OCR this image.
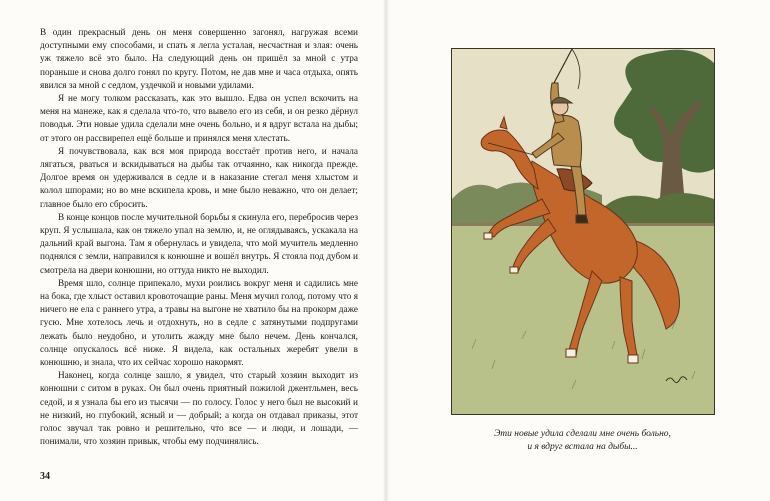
В один прекрасный день он меня совершенно загонял, нагружая всеми доступными ему способами, и спать я легла усталая, несчастная и злая: очень уж тяжело всё это было. На следующий день он пришёл за мной с утра пораньше и снова долго гонял по кругу. Потом, не дав мне и часа отдыха, опять явился за мной с седлом, уздечкой и новыми удилами.

Я не могу толком рассказать, как это вышло. Едва он успел вскочить на меня на манеже, как я сделала что-то, что вывело его из себя, и он резко дёрнул поводья. Эти новые удила сделали мне очень больно, и я вдруг встала на дыбы; от этого он рассвирепел ещё больше и принялся меня хлестать.

Я почувствовала, как вся моя природа восстаёт против него, и начала лягаться, рваться и вскидываться на дыбы так отчаянно, как никогда прежде. Долгое время он удерживался в седле и в наказание стегал меня хлыстом и колол шпорами; но во мне вскипела кровь, и мне было неважно, что он делает; главное было его сбросить.

В конце концов после мучительной борьбы я скинула его, перебросив через круп. Я услышала, как он тяжело упал на землю, и, не оглядываясь, ускакала на дальний край выгона. Там я обернулась и увидела, что мой мучитель медленно поднялся с земли, направился к конюшне и вошёл внутрь. Я стояла под дубом и смотрела на двери конюшни, но оттуда никто не выходил.

Время шло, солнце припекало, мухи роились вокруг меня и садились мне на бока, где хлыст оставил кровоточащие раны. Меня мучил голод, потому что я ничего не ела с раннего утра, а травы на выгоне не хватило бы на прокорм даже гусю. Мне хотелось лечь и отдохнуть, но в седле с затянутыми подпругами лежать было неудобно, и утолить жажду мне было нечем. День кончался, солнце опускалось всё ниже. Я видела, как остальных жеребят увели в конюшню, и знала, что их сейчас хорошо накормят.

Наконец, когда солнце зашло, я увидел, что старый хозяин выходит из конюшни с ситом в руках. Он был очень приятный пожилой джентльмен, весь седой, и я узнала бы его из тысячи — по голосу. Голос у него был не высокий и не низкий, но глубокий, ясный и — добрый; а когда он отдавал приказы, этот голос звучал так ровно и решительно, что все — и люди, и лошади, — понимали, что хозяин привык, чтобы ему подчинялись.

34
Эти новые удила сделали мне очень больно,
и я вдруг встала на дыбы...
